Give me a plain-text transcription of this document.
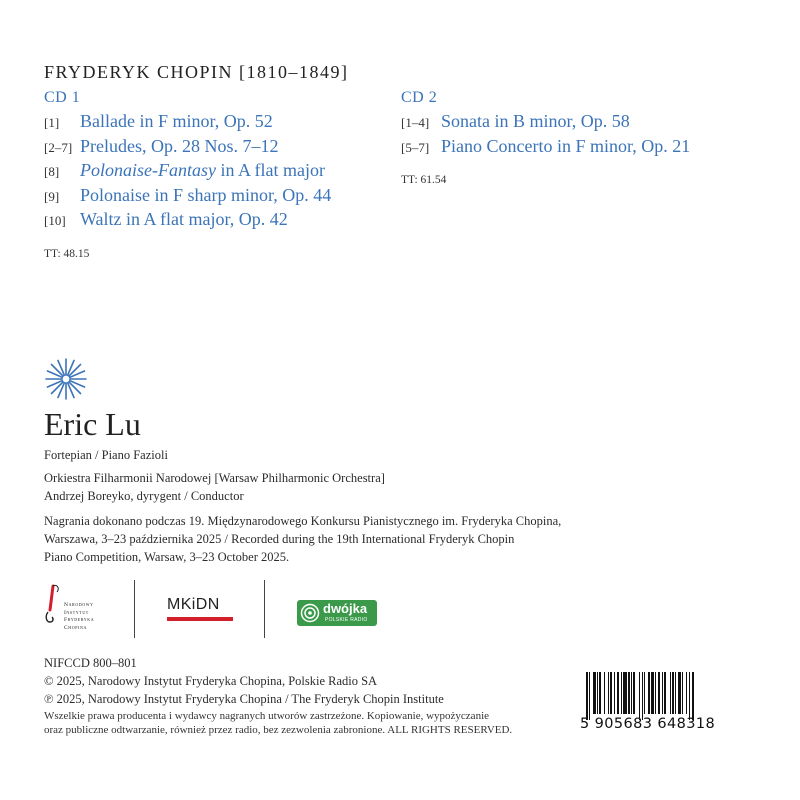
FRYDERYK CHOPIN [1810–1849]
CD 1
[1]	Ballade in F minor, Op. 52
[2–7] Preludes, Op. 28 Nos. 7–12
[8]	Polonaise-Fantasy in A flat major
[9]	Polonaise in F sharp minor, Op. 44
[10] Waltz in A flat major, Op. 42
TT: 48.15
CD 2
[1–4] Sonata in B minor, Op. 58
[5–7] Piano Concerto in F minor, Op. 21
TT: 61.54
Eric Lu
Fortepian / Piano Fazioli
Orkiestra Filharmonii Narodowej [Warsaw Philharmonic Orchestra]
Andrzej Boreyko, dyrygent / Conductor
Nagrania dokonano podczas 19. Międzynarodowego Konkursu Pianistycznego im. Fryderyka Chopina,
Warszawa, 3–23 października 2025 / Recorded during the 19th International Fryderyk Chopin
Piano Competition, Warsaw, 3–23 October 2025.
Narodowy
Instytut
Fryderyka
Chopina
MKiDN	dwójka
POLSKIE RADIO
NIFCCD 800–801
© 2025, Narodowy Instytut Fryderyka Chopina, Polskie Radio SA
℗ 2025, Narodowy Instytut Fryderyka Chopina / The Fryderyk Chopin Institute
Wszelkie prawa producenta i wydawcy nagranych utworów zastrzeżone. Kopiowanie, wypożyczanie
oraz publiczne odtwarzanie, również przez radio, bez zezwolenia zabronione. ALL RIGHTS RESERVED.	5 905683 648318
